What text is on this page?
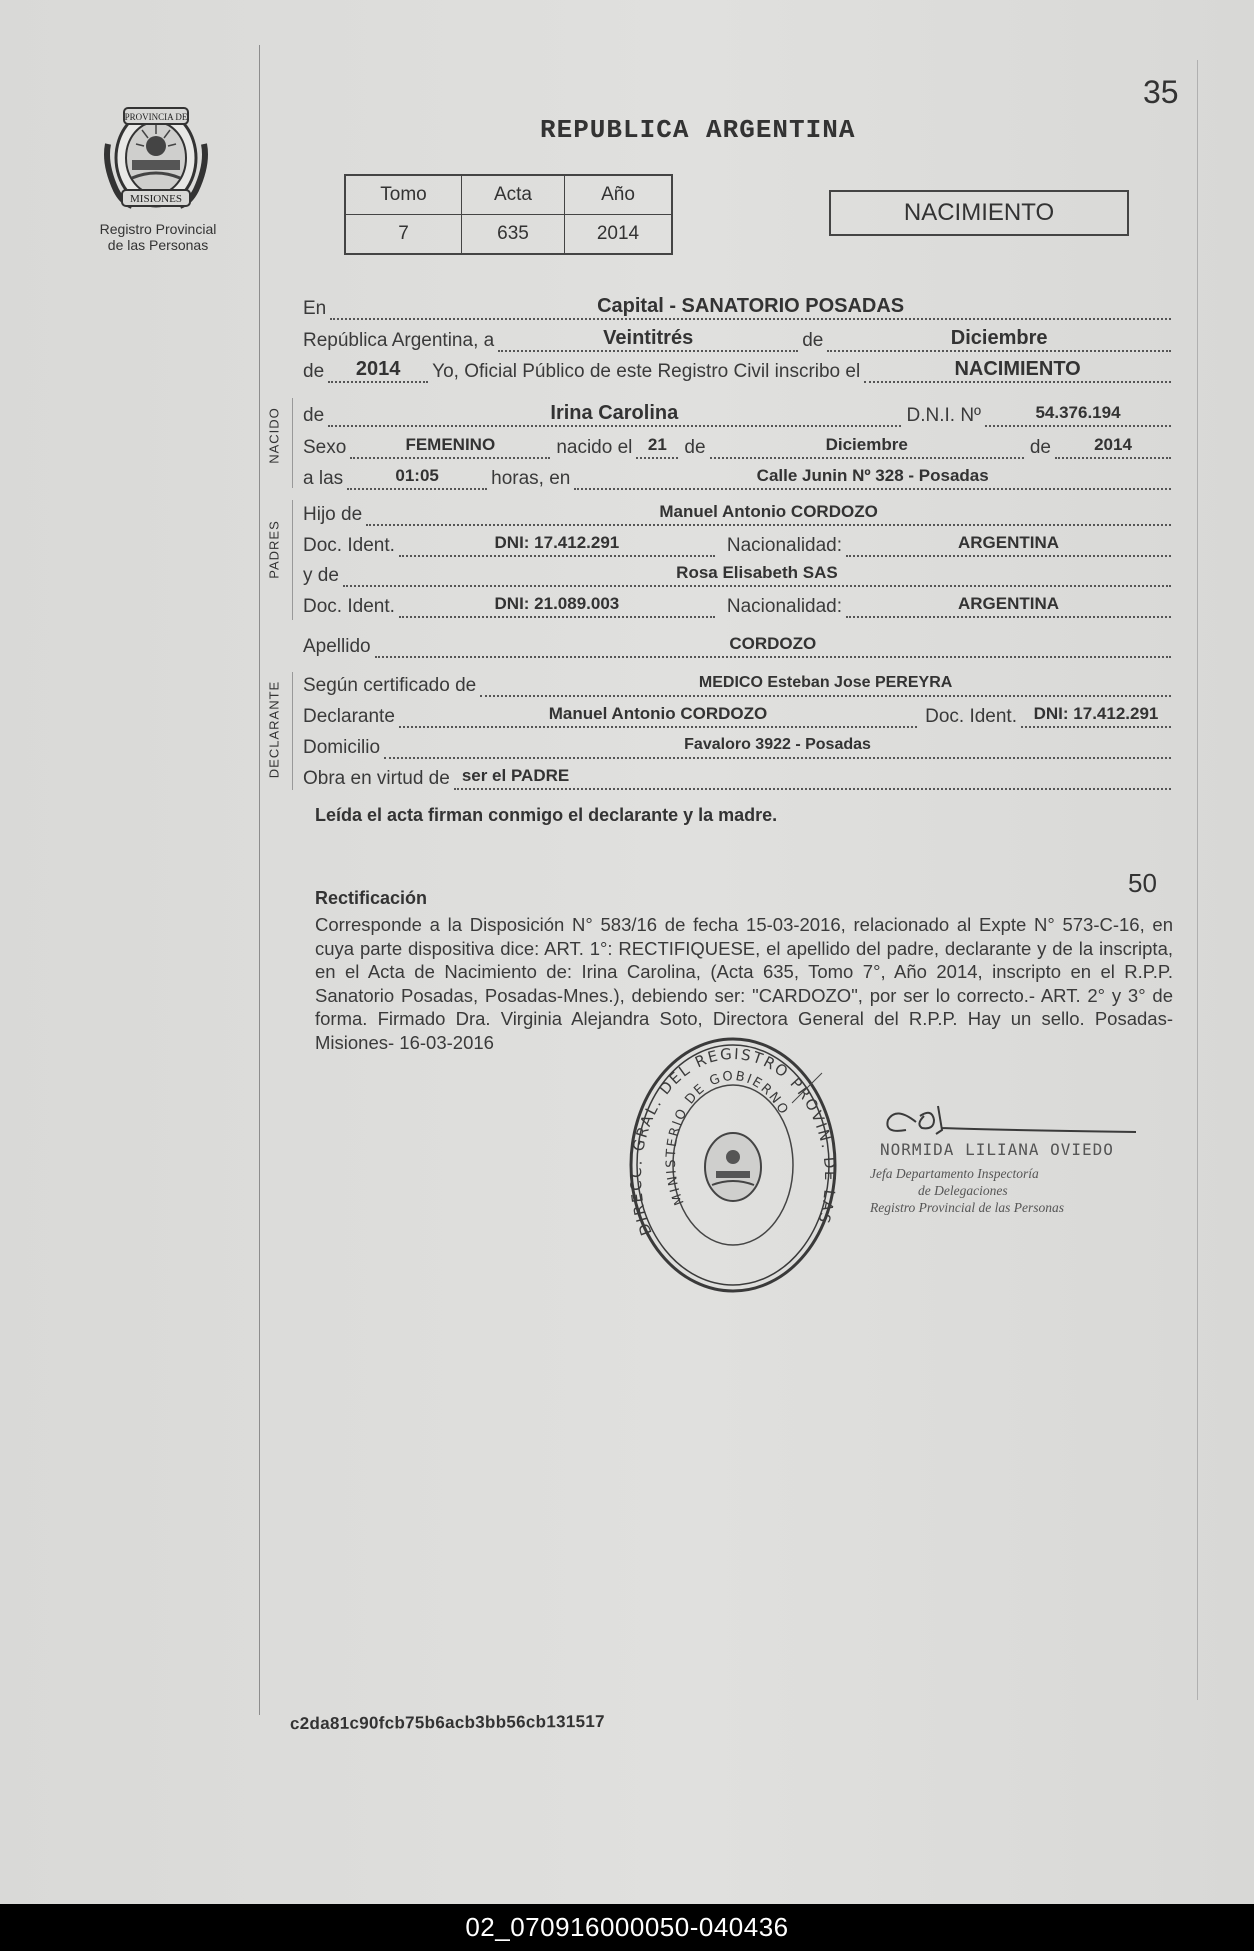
PROVINCIA DE
MISIONES
Registro Provincial
de las Personas
35
REPUBLICA ARGENTINA
Tomo	Acta	Año
7	635	2014
NACIMIENTO
En	Capital - SANATORIO POSADAS
República Argentina, a	Veintitrés	de	Diciembre
de 2014 Yo, Oficial Público de este Registro Civil inscribo el	NACIMIENTO
NACIDO de	Irina Carolina	D.N.I. Nº	54.376.194
Sexo	FEMENINO	nacido el 21 de	Diciembre	de	2014
a las	01:05	horas, en	Calle Junin Nº 328 - Posadas
PADRES
Hijo de	Manuel Antonio CORDOZO
Doc. Ident.	DNI: 17.412.291	Nacionalidad:	ARGENTINA
y de	Rosa Elisabeth SAS
Doc. Ident.	DNI: 21.089.003	Nacionalidad:	ARGENTINA
Apellido	CORDOZO
DECLARANTE Según certificado de	MEDICO Esteban Jose PEREYRA
Declarante	Manuel Antonio CORDOZO	Doc. Ident. DNI: 17.412.291
Domicilio	Favaloro 3922 - Posadas
Obra en virtud de ser el PADRE
Leída el acta firman conmigo el declarante y la madre.
50
Rectificación
Corresponde a la Disposición N° 583/16 de fecha 15-03-2016, relacionado al Expte N° 573-C-16, en cuya parte dispositiva dice: ART. 1°: RECTIFIQUESE, el apellido del padre, declarante y de la inscripta, en el Acta de Nacimiento de: Irina Carolina, (Acta 635, Tomo 7°, Año 2014, inscripto en el R.P.P. Sanatorio Posadas, Posadas-Mnes.), debiendo ser: "CARDOZO", por ser lo correcto.- ART. 2° y 3° de forma. Firmado Dra. Virginia Alejandra Soto, Directora General del R.P.P. Hay un sello. Posadas- Misiones- 16-03-2016
DIRECC. GRAL. DEL REGISTRO PROVIN. DE LAS
MINISTERIO DE GOBIERNO
NORMIDA LILIANA OVIEDO
Jefa Departamento Inspectoría
de Delegaciones
Registro Provincial de las Personas
c2da81c90fcb75b6acb3bb56cb131517
02_070916000050-040436
